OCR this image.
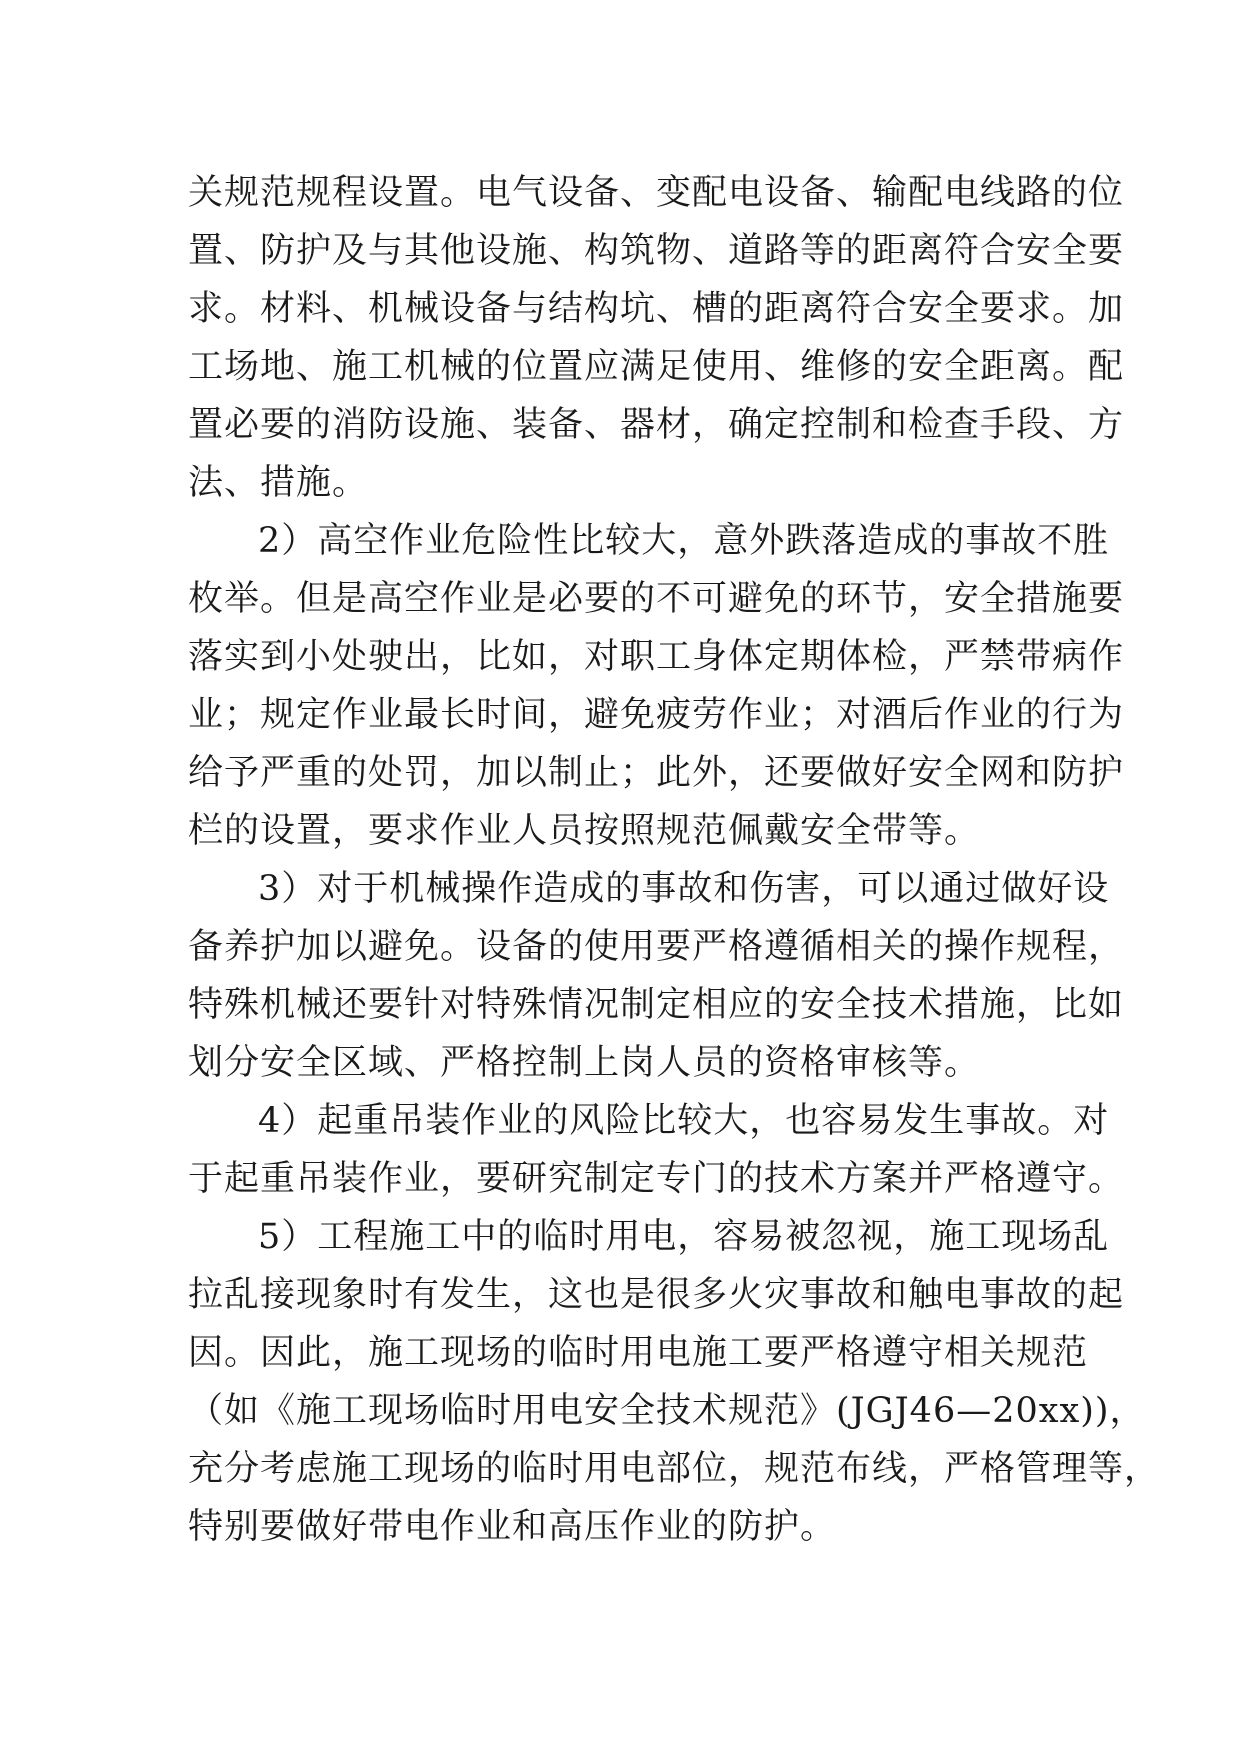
关规范规程设置。电气设备、变配电设备、输配电线路的位
置、防护及与其他设施、构筑物、道路等的距离符合安全要
求。材料、机械设备与结构坑、槽的距离符合安全要求。加
工场地、施工机械的位置应满足使用、维修的安全距离。配
置必要的消防设施、装备、器材，确定控制和检查手段、方
法、措施。
2）高空作业危险性比较大，意外跌落造成的事故不胜
枚举。但是高空作业是必要的不可避免的环节，安全措施要
落实到小处驶出，比如，对职工身体定期体检，严禁带病作
业；规定作业最长时间，避免疲劳作业；对酒后作业的行为
给予严重的处罚，加以制止；此外，还要做好安全网和防护
栏的设置，要求作业人员按照规范佩戴安全带等。
3）对于机械操作造成的事故和伤害，可以通过做好设
备养护加以避免。设备的使用要严格遵循相关的操作规程，
特殊机械还要针对特殊情况制定相应的安全技术措施，比如
划分安全区域、严格控制上岗人员的资格审核等。
4）起重吊装作业的风险比较大，也容易发生事故。对
于起重吊装作业，要研究制定专门的技术方案并严格遵守。
5）工程施工中的临时用电，容易被忽视，施工现场乱
拉乱接现象时有发生，这也是很多火灾事故和触电事故的起
因。因此，施工现场的临时用电施工要严格遵守相关规范
（如《施工现场临时用电安全技术规范》(JGJ46—20xx))，
充分考虑施工现场的临时用电部位，规范布线，严格管理等，
特别要做好带电作业和高压作业的防护。
